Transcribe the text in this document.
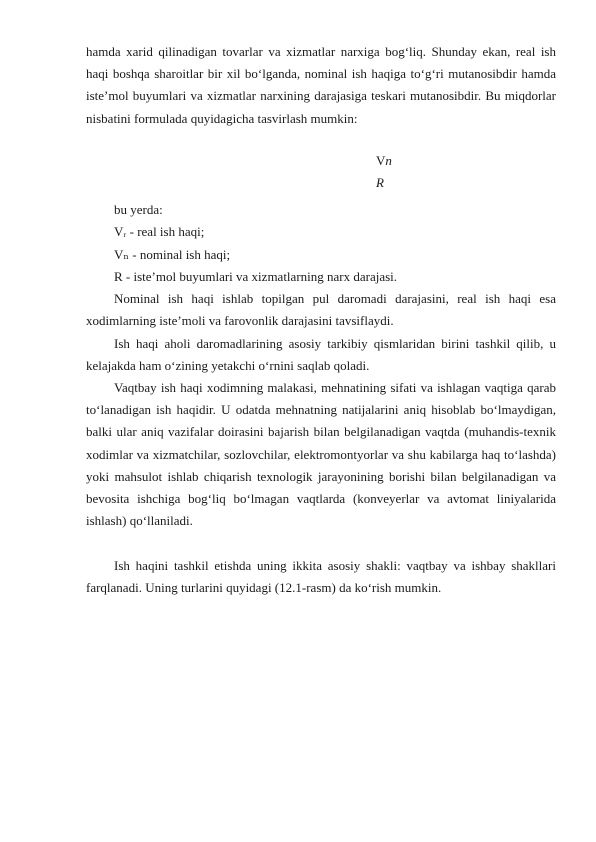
hamda xarid qilinadigan tovarlar va xizmatlar narxiga bog‘liq. Shunday ekan, real ish haqi boshqa sharoitlar bir xil bo‘lganda, nominal ish haqiga to‘g‘ri mutanosibdir hamda iste’mol buyumlari va xizmatlar narxining darajasiga teskari mutanosibdir. Bu miqdorlar nisbatini formulada quyidagicha tasvirlash mumkin:

Vn
R

bu yerda:

Vᵣ - real ish haqi;

Vₙ - nominal ish haqi;

R - iste’mol buyumlari va xizmatlarning narx darajasi.

Nominal ish haqi ishlab topilgan pul daromadi darajasini, real ish haqi esa xodimlarning iste’moli va farovonlik darajasini tavsiflaydi.

Ish haqi aholi daromadlarining asosiy tarkibiy qismlaridan birini tashkil qilib, u kelajakda ham o‘zining yetakchi o‘rnini saqlab qoladi.

Vaqtbay ish haqi xodimning malakasi, mehnatining sifati va ishlagan vaqtiga qarab to‘lanadigan ish haqidir. U odatda mehnatning natijalarini aniq hisoblab bo‘lmaydigan, balki ular aniq vazifalar doirasini bajarish bilan belgilanadigan vaqtda (muhandis-texnik xodimlar va xizmatchilar, sozlovchilar, elektromontyorlar va shu kabilarga haq to‘lashda) yoki mahsulot ishlab chiqarish texnologik jarayonining borishi bilan belgilanadigan va bevosita ishchiga bog‘liq bo‘lmagan vaqtlarda (konveyerlar va avtomat liniyalarida ishlash) qo‘llaniladi.

Ish haqini tashkil etishda uning ikkita asosiy shakli: vaqtbay va ishbay shakllari farqlanadi. Uning turlarini quyidagi (12.1-rasm) da ko‘rish mumkin.
